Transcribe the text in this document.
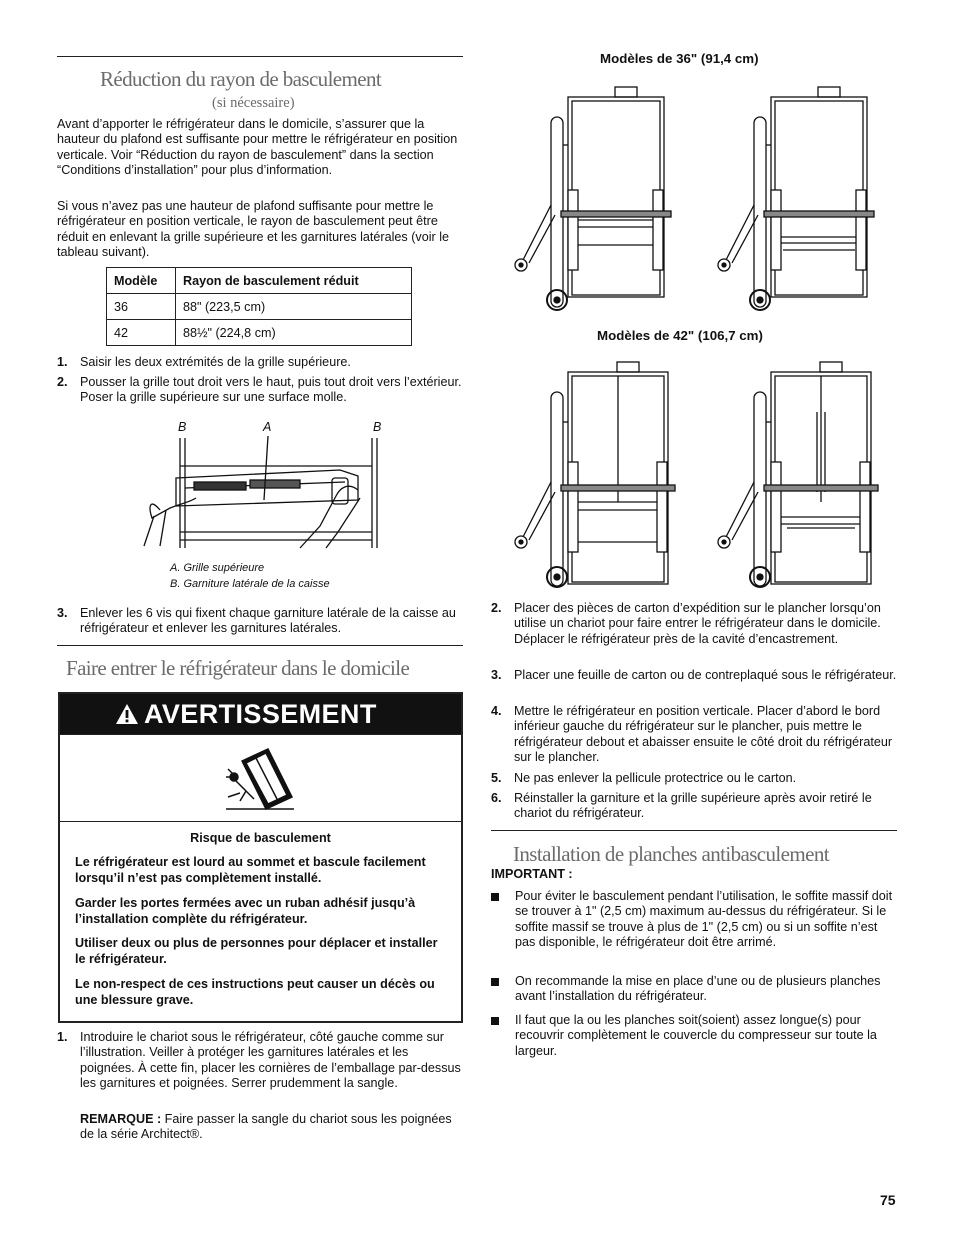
Réduction du rayon de basculement
(si nécessaire)

Avant d’apporter le réfrigérateur dans le domicile, s’assurer que la hauteur du plafond est suffisante pour mettre le réfrigérateur en position verticale. Voir “Réduction du rayon de basculement” dans la section “Conditions d’installation” pour plus d’information.

Si vous n’avez pas une hauteur de plafond suffisante pour mettre le réfrigérateur en position verticale, le rayon de basculement peut être réduit en enlevant la grille supérieure et les garnitures latérales (voir le tableau suivant).

Modèle	Rayon de basculement réduit
36	88" (223,5 cm)
42	88½" (224,8 cm)
1. Saisir les deux extrémités de la grille supérieure.
2. Pousser la grille tout droit vers le haut, puis tout droit vers l’extérieur. Poser la grille supérieure sur une surface molle.
B	A	B
A. Grille supérieure
B. Garniture latérale de la caisse
3. Enlever les 6 vis qui fixent chaque garniture latérale de la caisse au réfrigérateur et enlever les garnitures latérales.
Faire entrer le réfrigérateur dans le domicile
AVERTISSEMENT
Risque de basculement
Le réfrigérateur est lourd au sommet et bascule facilement lorsqu’il n’est pas complètement installé.
Garder les portes fermées avec un ruban adhésif jusqu’à l’installation complète du réfrigérateur.
Utiliser deux ou plus de personnes pour déplacer et installer le réfrigérateur.
Le non-respect de ces instructions peut causer un décès ou une blessure grave.
1. Introduire le chariot sous le réfrigérateur, côté gauche comme sur l’illustration. Veiller à protéger les garnitures latérales et les poignées. À cette fin, placer les cornières de l’emballage par-dessus les garnitures et poignées. Serrer prudemment la sangle.

REMARQUE : Faire passer la sangle du chariot sous les poignées de la série Architect®.

Modèles de 36" (91,4 cm)
Modèles de 42" (106,7 cm)
2. Placer des pièces de carton d’expédition sur le plancher lorsqu’on utilise un chariot pour faire entrer le réfrigérateur dans le domicile. Déplacer le réfrigérateur près de la cavité d’encastrement.
3. Placer une feuille de carton ou de contreplaqué sous le réfrigérateur.
4. Mettre le réfrigérateur en position verticale. Placer d’abord le bord inférieur gauche du réfrigérateur sur le plancher, puis mettre le réfrigérateur debout et abaisser ensuite le côté droit du réfrigérateur sur le plancher.
5. Ne pas enlever la pellicule protectrice ou le carton.
6. Réinstaller la garniture et la grille supérieure après avoir retiré le chariot du réfrigérateur.
Installation de planches antibasculement
IMPORTANT :
Pour éviter le basculement pendant l’utilisation, le soffite massif doit se trouver à 1" (2,5 cm) maximum au-dessus du réfrigérateur. Si le soffite massif se trouve à plus de 1" (2,5 cm) ou si un soffite n’est pas disponible, le réfrigérateur doit être arrimé.
On recommande la mise en place d’une ou de plusieurs planches avant l’installation du réfrigérateur.
Il faut que la ou les planches soit(soient) assez longue(s) pour recouvrir complètement le couvercle du compresseur sur toute la largeur.
75
